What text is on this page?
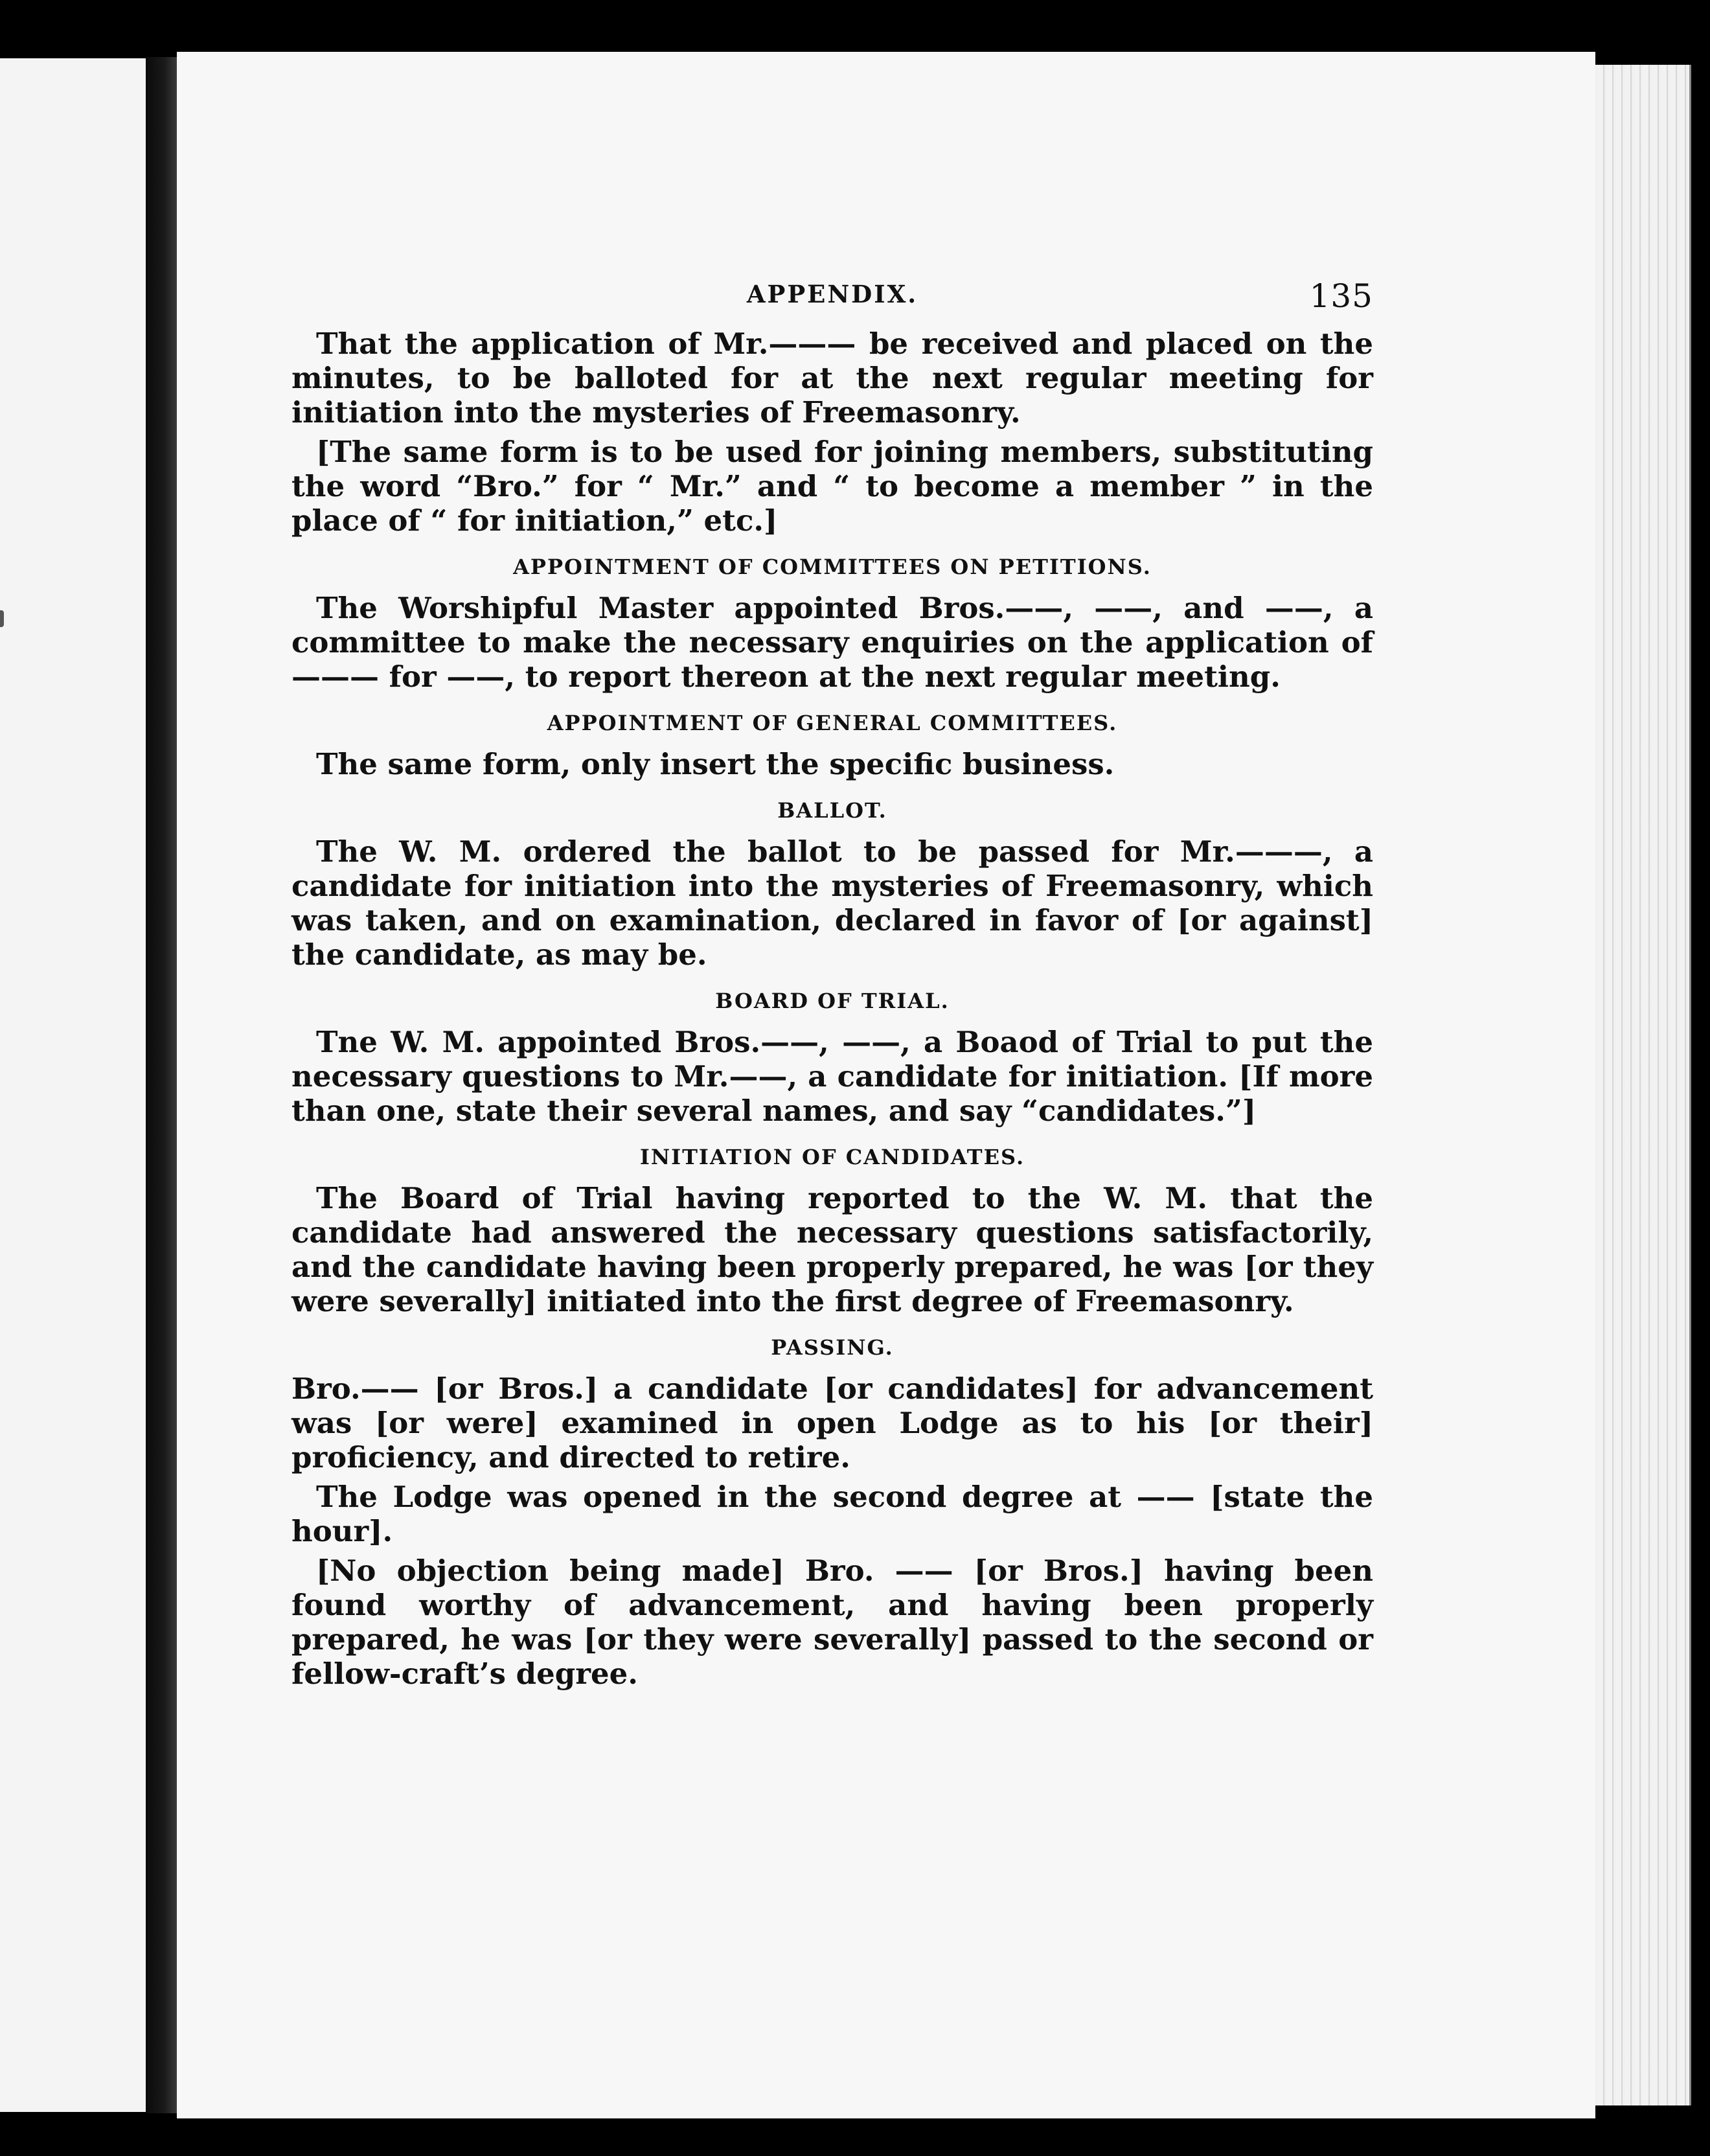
APPENDIX.	135

That the application of Mr.——— be received and placed on the minutes, to be balloted for at the next regular meeting for initiation into the mysteries of Freemasonry.

[The same form is to be used for joining members, substituting the word “Bro.” for “ Mr.” and “ to become a member ” in the place of “ for initiation,” etc.]

APPOINTMENT OF COMMITTEES ON PETITIONS.

The Worshipful Master appointed Bros.——, ——, and ——, a committee to make the necessary enquiries on the application of ——— for ——, to report thereon at the next regular meeting.

APPOINTMENT OF GENERAL COMMITTEES.

The same form, only insert the specific business.

BALLOT.

The W. M. ordered the ballot to be passed for Mr.———, a candidate for initiation into the mysteries of Freemasonry, which was taken, and on examination, declared in favor of [or against] the candidate, as may be.

BOARD OF TRIAL.

Tne W. M. appointed Bros.——, ——, a Boaod of Trial to put the necessary questions to Mr.——, a candidate for initiation. [If more than one, state their several names, and say “candidates.”]

INITIATION OF CANDIDATES.

The Board of Trial having reported to the W. M. that the candidate had answered the necessary questions satisfactorily, and the candidate having been properly prepared, he was [or they were severally] initiated into the first degree of Freemasonry.

PASSING.

Bro.—— [or Bros.] a candidate [or candidates] for advancement was [or were] examined in open Lodge as to his [or their] proficiency, and directed to retire.

The Lodge was opened in the second degree at —— [state the hour].

[No objection being made] Bro. —— [or Bros.] having been found worthy of advancement, and having been properly prepared, he was [or they were severally] passed to the second or fellow-craft’s degree.
